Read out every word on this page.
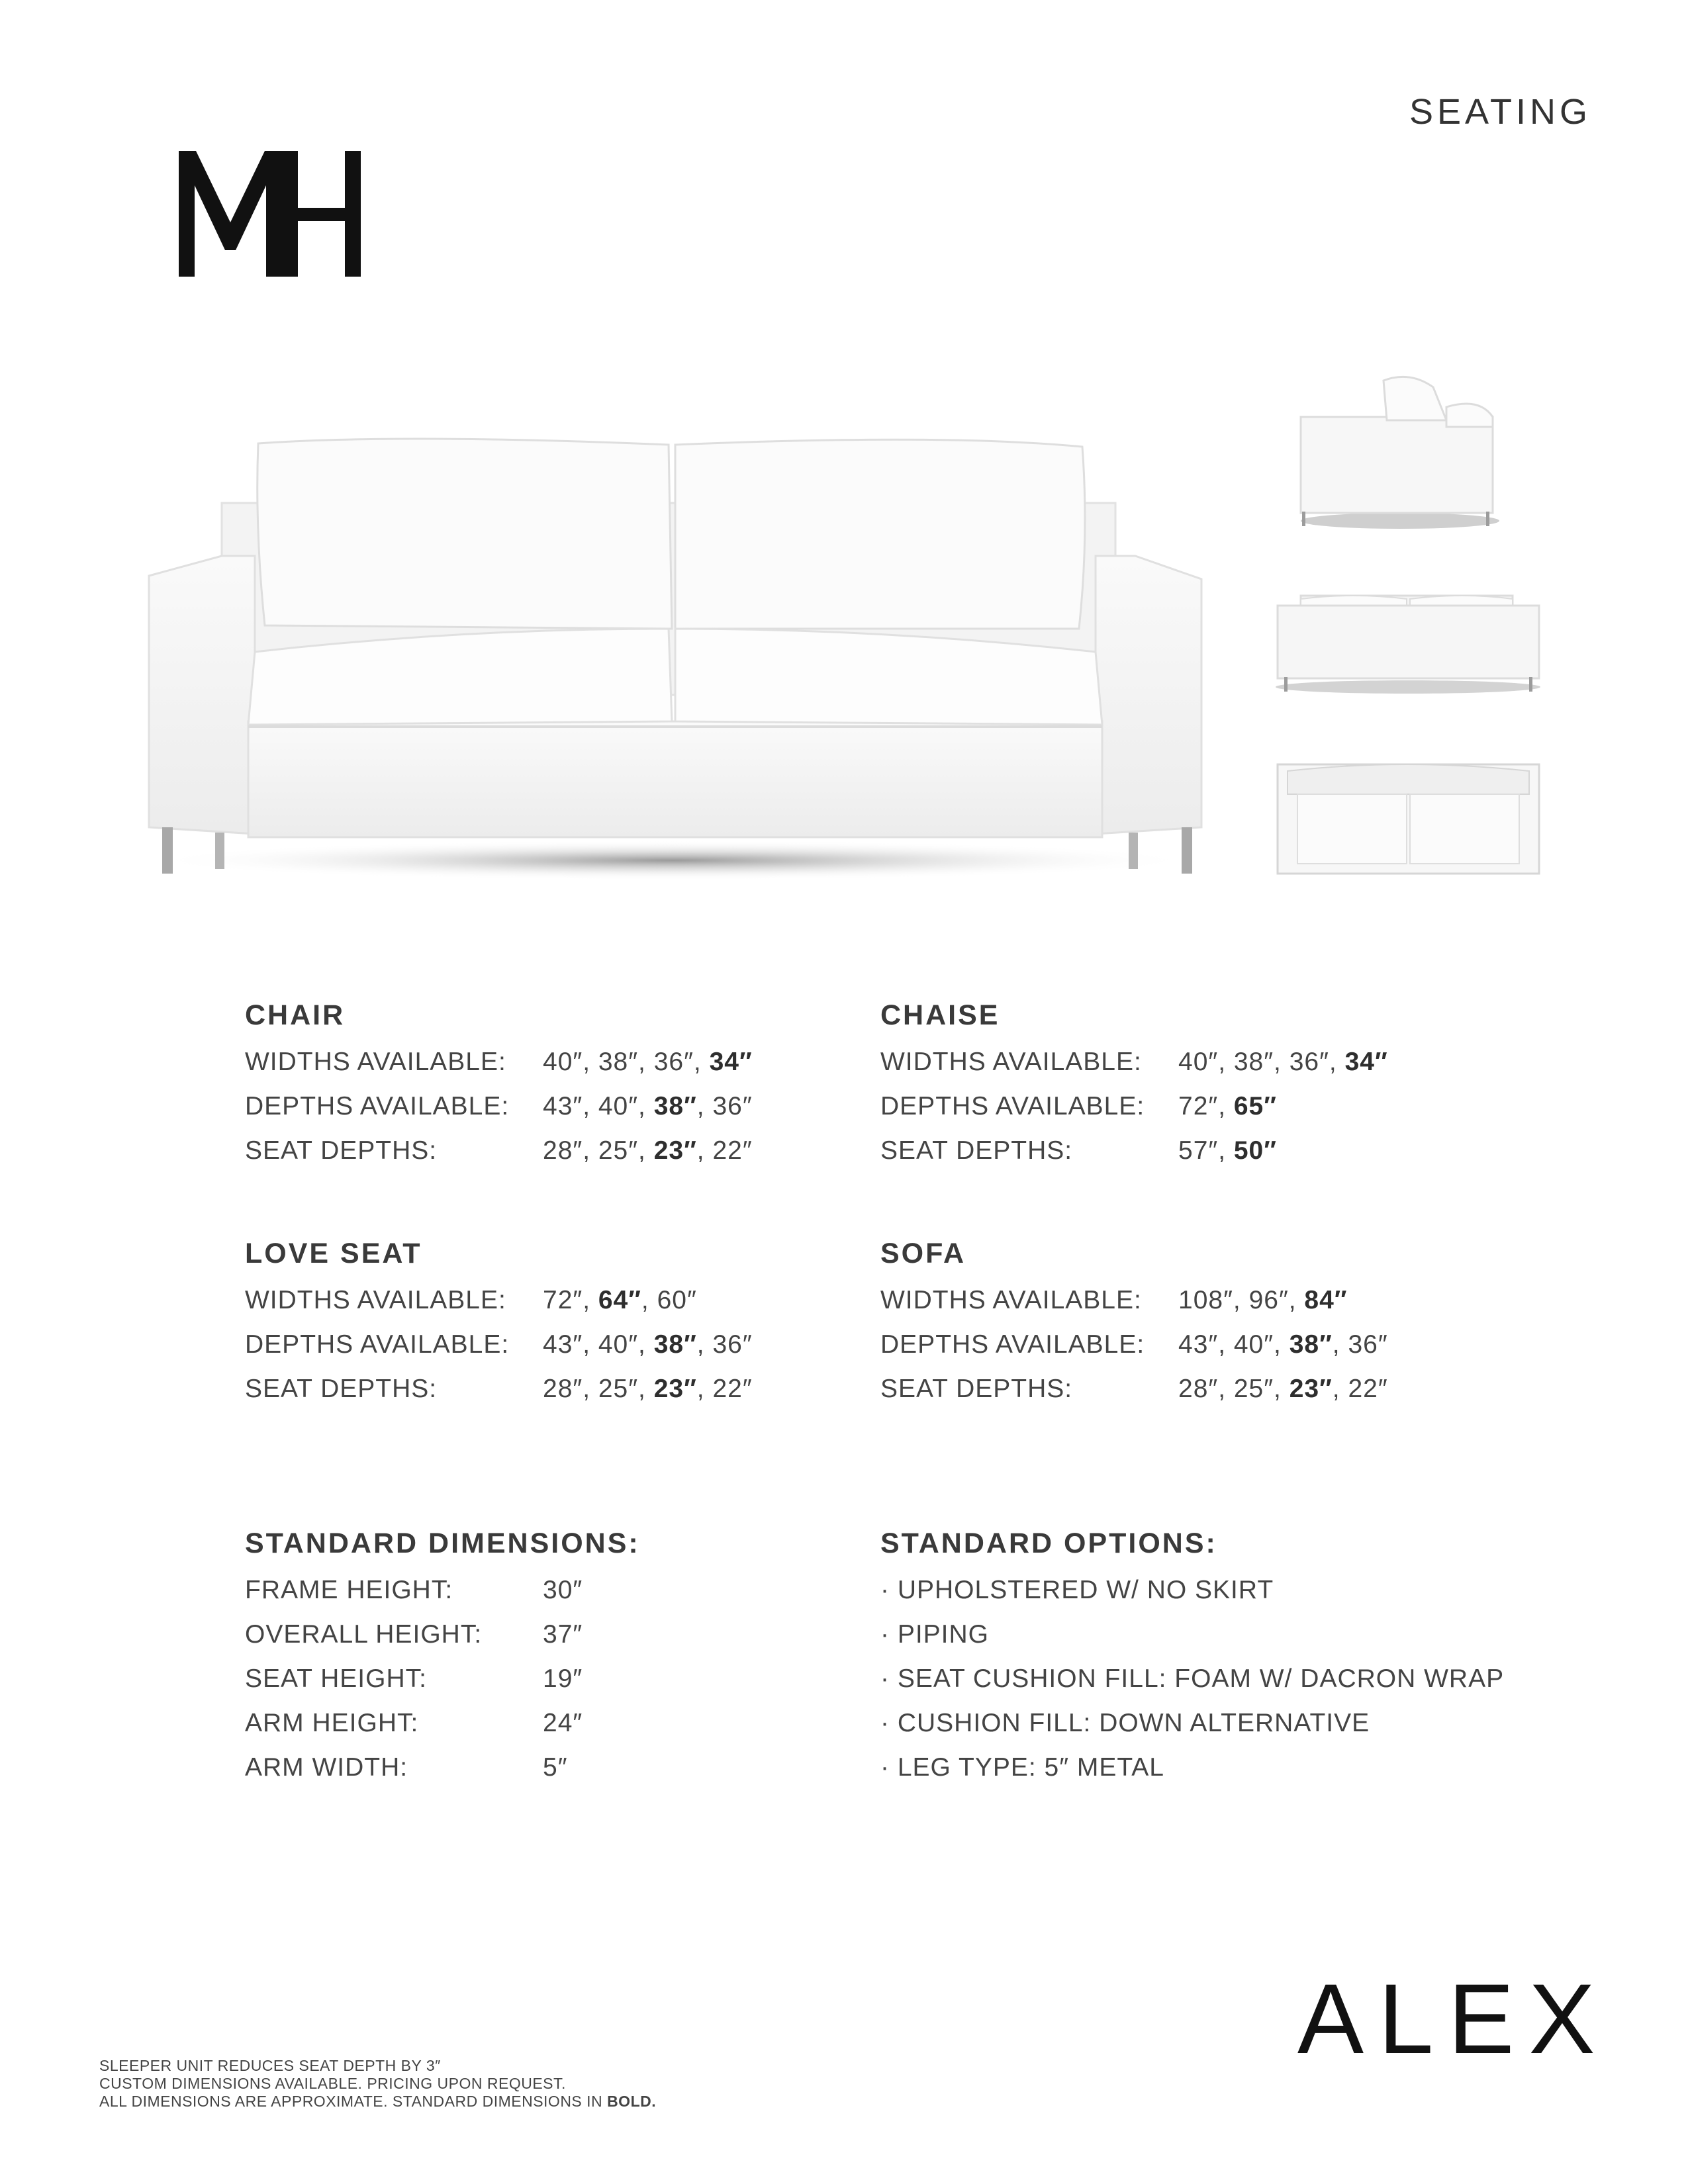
SEATING
CHAIR
WIDTHS AVAILABLE:	40″, 38″, 36″, 34″
DEPTHS AVAILABLE:	43″, 40″, 38″, 36″
SEAT DEPTHS:	28″, 25″, 23″, 22″
CHAISE
WIDTHS AVAILABLE:	40″, 38″, 36″, 34″
DEPTHS AVAILABLE:	72″, 65″
SEAT DEPTHS:	57″, 50″
LOVE SEAT
WIDTHS AVAILABLE:	72″, 64″, 60″
DEPTHS AVAILABLE:	43″, 40″, 38″, 36″
SEAT DEPTHS:	28″, 25″, 23″, 22″
SOFA
WIDTHS AVAILABLE:	108″, 96″, 84″
DEPTHS AVAILABLE:	43″, 40″, 38″, 36″
SEAT DEPTHS:	28″, 25″, 23″, 22″
STANDARD DIMENSIONS:
FRAME HEIGHT:	30″
OVERALL HEIGHT:	37″
SEAT HEIGHT:	19″
ARM HEIGHT:	24″
ARM WIDTH:	5″
STANDARD OPTIONS:
· UPHOLSTERED W/ NO SKIRT
· PIPING
· SEAT CUSHION FILL: FOAM W/ DACRON WRAP
· CUSHION FILL: DOWN ALTERNATIVE
· LEG TYPE: 5″ METAL
SLEEPER UNIT REDUCES SEAT DEPTH BY 3″
CUSTOM DIMENSIONS AVAILABLE. PRICING UPON REQUEST.
ALL DIMENSIONS ARE APPROXIMATE. STANDARD DIMENSIONS IN BOLD.
ALEX
